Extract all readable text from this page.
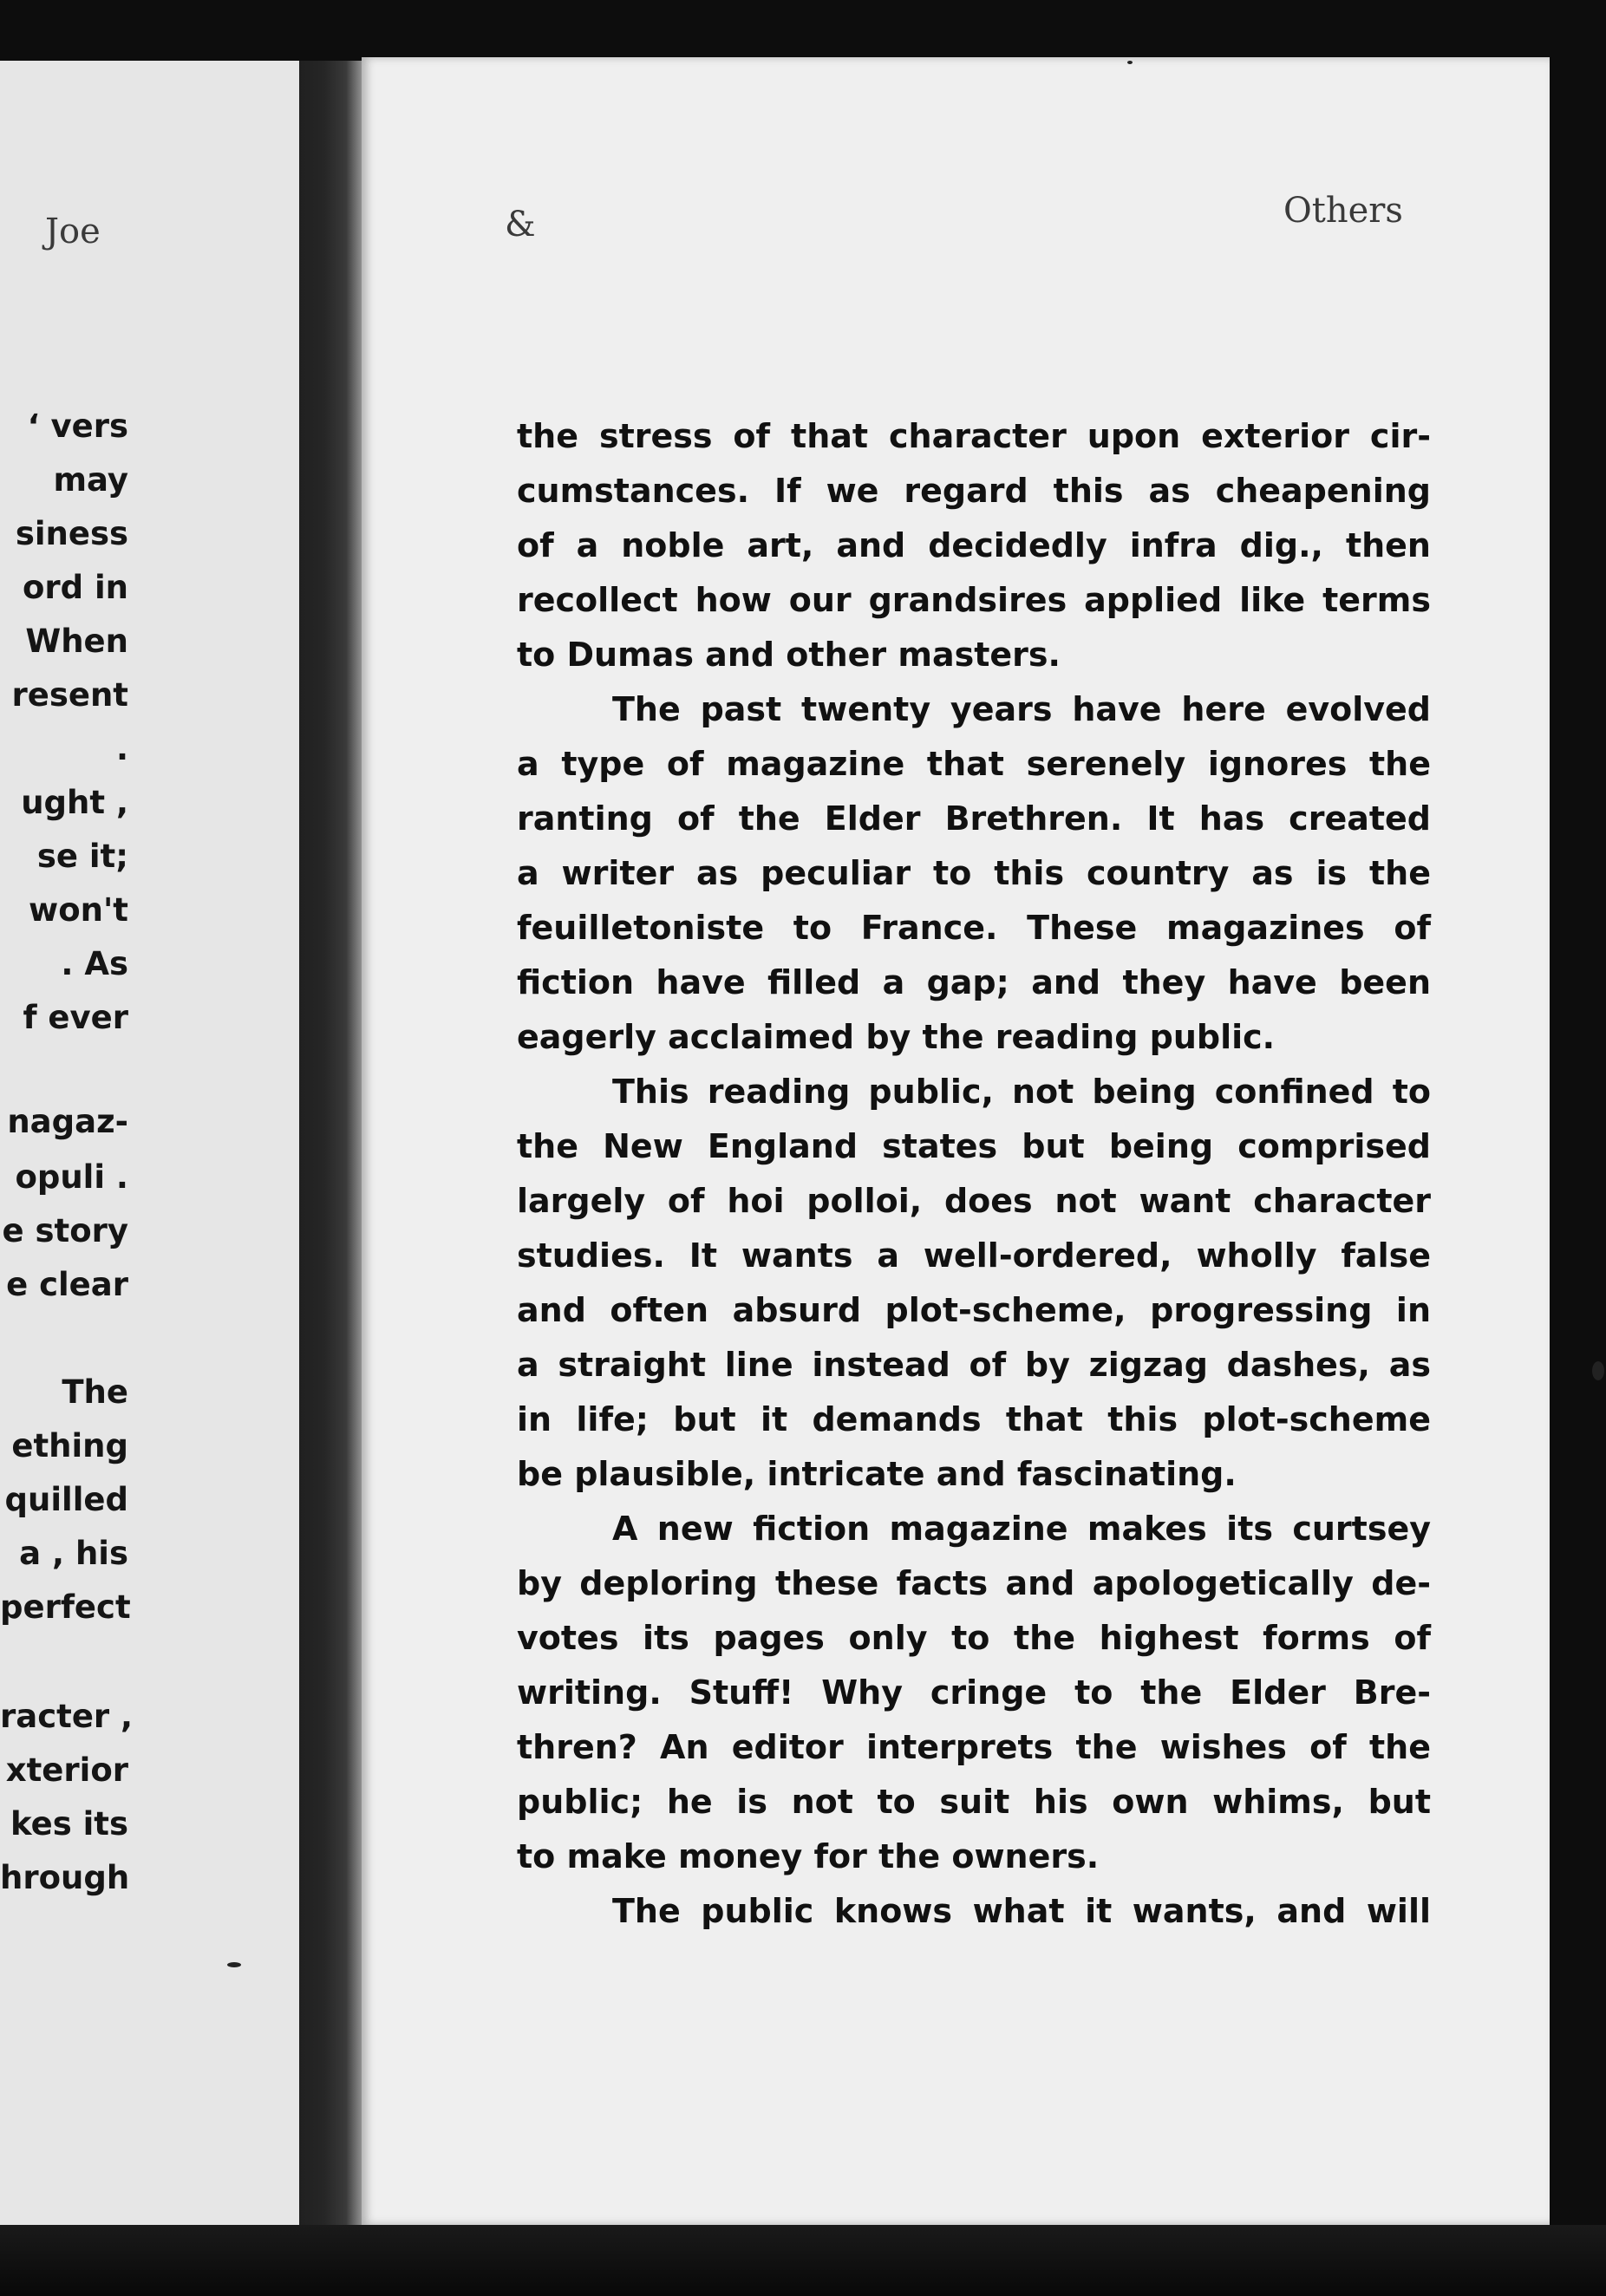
Joe	&	Others

‘ vers

may

siness

ord in

When

resent

.

ught ,

se it;

won't

. As

f ever

nagaz-

opuli .

e story

e clear

The

ething

quilled

a , his

perfect

racter ,

xterior

kes its

hrough

the stress of that character upon exterior cir-
cumstances. If we regard this as cheapening
of a noble art, and decidedly infra dig., then
recollect how our grandsires applied like terms
to Dumas and other masters.
The past twenty years have here evolved
a type of magazine that serenely ignores the
ranting of the Elder Brethren. It has created
a writer as peculiar to this country as is the
feuilletoniste to France. These magazines of
fiction have filled a gap; and they have been
eagerly acclaimed by the reading public.
This reading public, not being confined to
the New England states but being comprised
largely of hoi polloi, does not want character
studies. It wants a well-ordered, wholly false
and often absurd plot-scheme, progressing in
a straight line instead of by zigzag dashes, as
in life; but it demands that this plot-scheme
be plausible, intricate and fascinating.
A new fiction magazine makes its curtsey
by deploring these facts and apologetically de-
votes its pages only to the highest forms of
writing. Stuff! Why cringe to the Elder Bre-
thren? An editor interprets the wishes of the
public; he is not to suit his own whims, but
to make money for the owners.
The public knows what it wants, and will
